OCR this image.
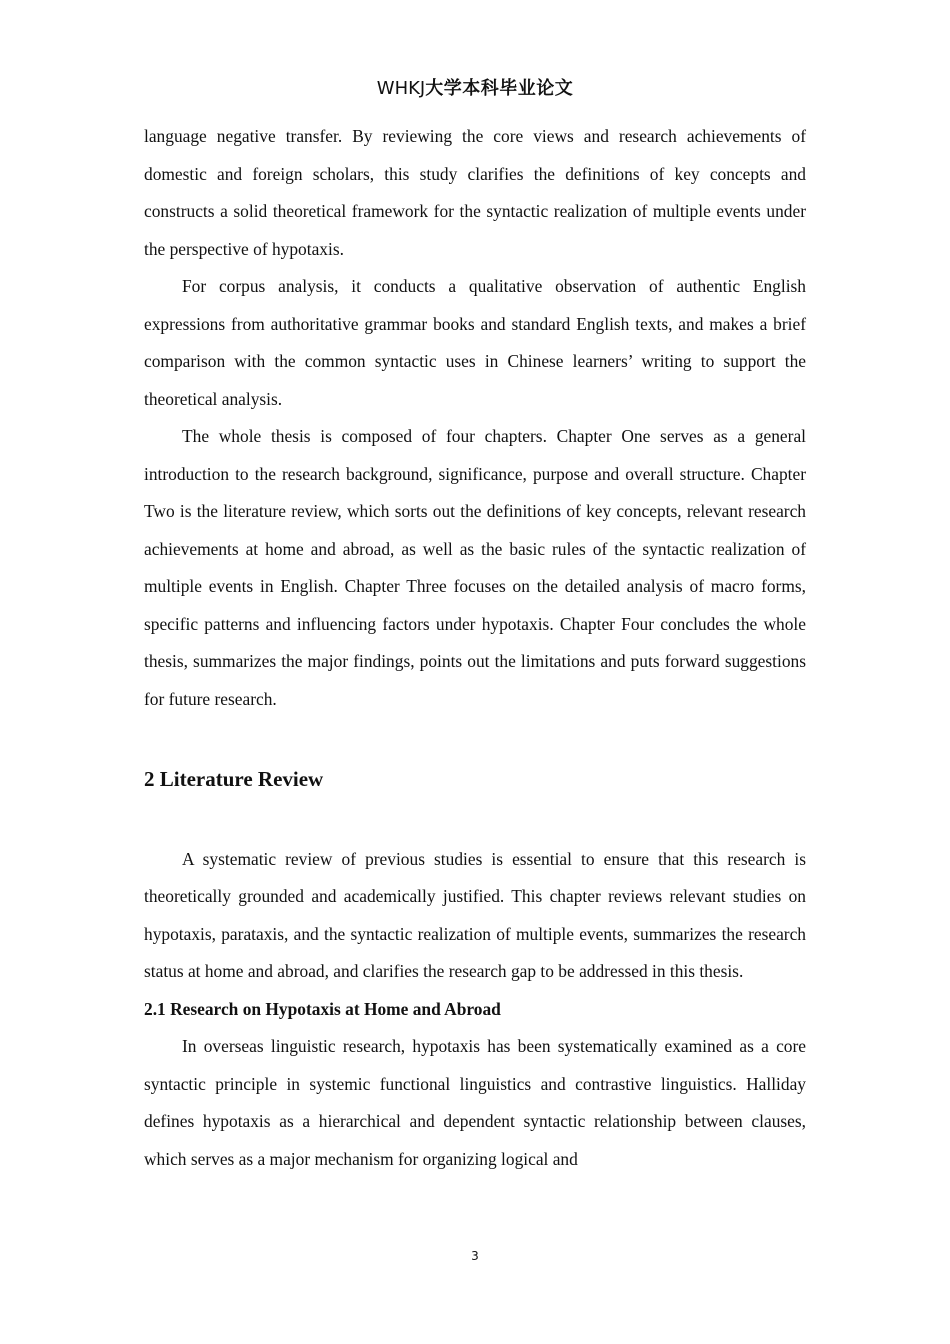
WHKJ大学本科毕业论文

language negative transfer. By reviewing the core views and research achievements of domestic and foreign scholars, this study clarifies the definitions of key concepts and constructs a solid theoretical framework for the syntactic realization of multiple events under the perspective of hypotaxis.

For corpus analysis, it conducts a qualitative observation of authentic English expressions from authoritative grammar books and standard English texts, and makes a brief comparison with the common syntactic uses in Chinese learners’ writing to support the theoretical analysis.

The whole thesis is composed of four chapters. Chapter One serves as a general introduction to the research background, significance, purpose and overall structure. Chapter Two is the literature review, which sorts out the definitions of key concepts, relevant research achievements at home and abroad, as well as the basic rules of the syntactic realization of multiple events in English. Chapter Three focuses on the detailed analysis of macro forms, specific patterns and influencing factors under hypotaxis. Chapter Four concludes the whole thesis, summarizes the major findings, points out the limitations and puts forward suggestions for future research.

2 Literature Review

A systematic review of previous studies is essential to ensure that this research is theoretically grounded and academically justified. This chapter reviews relevant studies on hypotaxis, parataxis, and the syntactic realization of multiple events, summarizes the research status at home and abroad, and clarifies the research gap to be addressed in this thesis.

2.1 Research on Hypotaxis at Home and Abroad

In overseas linguistic research, hypotaxis has been systematically examined as a core syntactic principle in systemic functional linguistics and contrastive linguistics. Halliday defines hypotaxis as a hierarchical and dependent syntactic relationship between clauses, which serves as a major mechanism for organizing logical and

3
